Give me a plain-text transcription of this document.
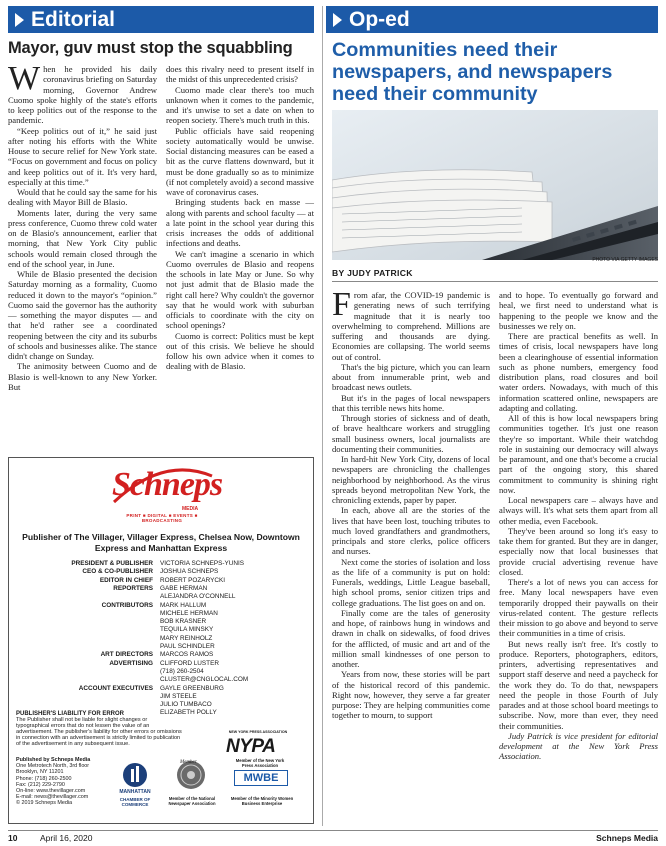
Editorial
Mayor, guv must stop the squabbling

When he provided his daily coronavirus briefing on Saturday morning, Governor Andrew Cuomo spoke highly of the state's efforts to keep politics out of the response to the pandemic.

“Keep politics out of it,” he said just after noting his efforts with the White House to secure relief for New York state. “Focus on government and focus on policy and keep politics out of it. It's very hard, especially at this time.”

Would that he could say the same for his dealing with Mayor Bill de Blasio.

Moments later, during the very same press conference, Cuomo threw cold water on de Blasio's announcement, earlier that morning, that New York City public schools would remain closed through the end of the school year, in June.

While de Blasio presented the decision Saturday morning as a formality, Cuomo reduced it down to the mayor's “opinion.” Cuomo said the governor has the authority — something the mayor disputes — and that he'd rather see a coordinated reopening between the city and its suburbs of schools and businesses alike. The stance didn't change on Sunday.

The animosity between Cuomo and de Blasio is well-known to any New Yorker. But

does this rivalry need to present itself in the midst of this unprecedented crisis?

Cuomo made clear there's too much unknown when it comes to the pandemic, and it's unwise to set a date on when to reopen society. There's much truth in this.

Public officials have said reopening society automatically would be unwise. Social distancing measures can be eased a bit as the curve flattens downward, but it must be done gradually so as to minimize (if not completely avoid) a second massive wave of coronavirus cases.

Bringing students back en masse — along with parents and school faculty — at a late point in the school year during this crisis increases the odds of additional infections and deaths.

We can't imagine a scenario in which Cuomo overrules de Blasio and reopens the schools in late May or June. So why not just admit that de Blasio made the right call here? Why couldn't the governor say that he would work with suburban officials to coordinate with the city on school openings?

Cuomo is correct: Politics must be kept out of this crisis. We believe he should follow his own advice when it comes to dealing with de Blasio.

Schneps
MEDIA
PRINT ■ DIGITAL ■ EVENTS ■ BROADCASTING
Publisher of The Villager, Villager Express, Chelsea Now, Downtown Express and Manhattan Express
PRESIDENT & PUBLISHER VICTORIA SCHNEPS-YUNIS
CEO & CO-PUBLISHER JOSHUA SCHNEPS
EDITOR IN CHIEF ROBERT POZARYCKI
REPORTERS GABE HERMAN
ALEJANDRA O'CONNELL
CONTRIBUTORS MARK HALLUM
MICHELE HERMAN
BOB KRASNER
TEQUILA MINSKY
MARY REINHOLZ
PAUL SCHINDLER
ART DIRECTORS MARCOS RAMOS
ADVERTISING CLIFFORD LUSTER
(718) 260-2504
CLUSTER@CNGLOCAL.COM
ACCOUNT EXECUTIVES GAYLE GREENBURG
JIM STEELE
JULIO TUMBACO
ELIZABETH POLLY
PUBLISHER'S LIABILITY FOR ERROR
The Publisher shall not be liable for slight changes or typographical errors that do not lessen the value of an advertisement. The publisher's liability for other errors or omissions in connection with an advertisement is strictly limited to publication of the advertisement in any subsequent issue.
Published by Schneps Media
One Metrotech North, 3rd floor
Brooklyn, NY 11201
Phone: (718) 260-2500
Fax: (212) 229-2790
On-line: www.thevillager.com
E-mail: news@thevillager.com
© 2019 Schneps Media
NEW YORK PRESS ASSOCIATION
NYPA
Member of the New York Press Association
MANHATTAN
CHAMBER OF COMMERCE
Member
Member of the National Newspaper Association
MWBE
Member of the Minority Women Business Enterprise
Op-ed
Communities need their newspapers, and newspapers need their community
PHOTO VIA GETTY IMAGES
BY JUDY PATRICK

From afar, the COVID-19 pandemic is generating news of such terrifying magnitude that it is nearly too overwhelming to comprehend. Millions are suffering and thousands are dying. Economies are collapsing. The world seems out of control.

That's the big picture, which you can learn about from innumerable print, web and broadcast news outlets.

But it's in the pages of local newspapers that this terrible news hits home.

Through stories of sickness and of death, of brave healthcare workers and struggling small business owners, local journalists are documenting their communities.

In hard-hit New York City, dozens of local newspapers are chronicling the challenges neighborhood by neighborhood. As the virus spreads beyond metropolitan New York, the chronicling extends, paper by paper.

In each, above all are the stories of the lives that have been lost, touching tributes to much loved grandfathers and grandmothers, principals and store clerks, police officers and nurses.

Next come the stories of isolation and loss as the life of a community is put on hold: Funerals, weddings, Little League baseball, high school proms, senior citizen trips and college graduations. The list goes on and on.

Finally come are the tales of generosity and hope, of rainbows hung in windows and drawn in chalk on sidewalks, of food drives for the afflicted, of music and art and of the million small kindnesses of one person to another.

Years from now, these stories will be part of the historical record of this pandemic. Right now, however, they serve a far greater purpose: They are helping communities come together to mourn, to support

and to hope. To eventually go forward and heal, we first need to understand what is happening to the people we know and the businesses we rely on.

There are practical benefits as well. In times of crisis, local newspapers have long been a clearinghouse of essential information such as phone numbers, emergency food distribution plans, road closures and boil water orders. Nowadays, with much of this information scattered online, newspapers are adapting and collating.

All of this is how local newspapers bring communities together. It's just one reason they're so important. While their watchdog role in sustaining our democracy will always be paramount, and one that's become a crucial part of the ongoing story, this shared commitment to community is shining right now.

Local newspapers care – always have and always will. It's what sets them apart from all other media, even Facebook.

They've been around so long it's easy to take them for granted. But they are in danger, especially now that local businesses that provide crucial advertising revenue have closed.

There's a lot of news you can access for free. Many local newspapers have even temporarily dropped their paywalls on their virus-related content. The gesture reflects their mission to go above and beyond to serve their communities in a time of crisis.

But news really isn't free. It's costly to produce. Reporters, photographers, editors, printers, advertising representatives and support staff deserve and need a paycheck for the work they do. To do that, newspapers need the people in those Fourth of July parades and at those school board meetings to subscribe. Now, more than ever, they need their communities.

Judy Patrick is vice president for editorial development at the New York Press Association.

10	April 16, 2020	Schneps Media
